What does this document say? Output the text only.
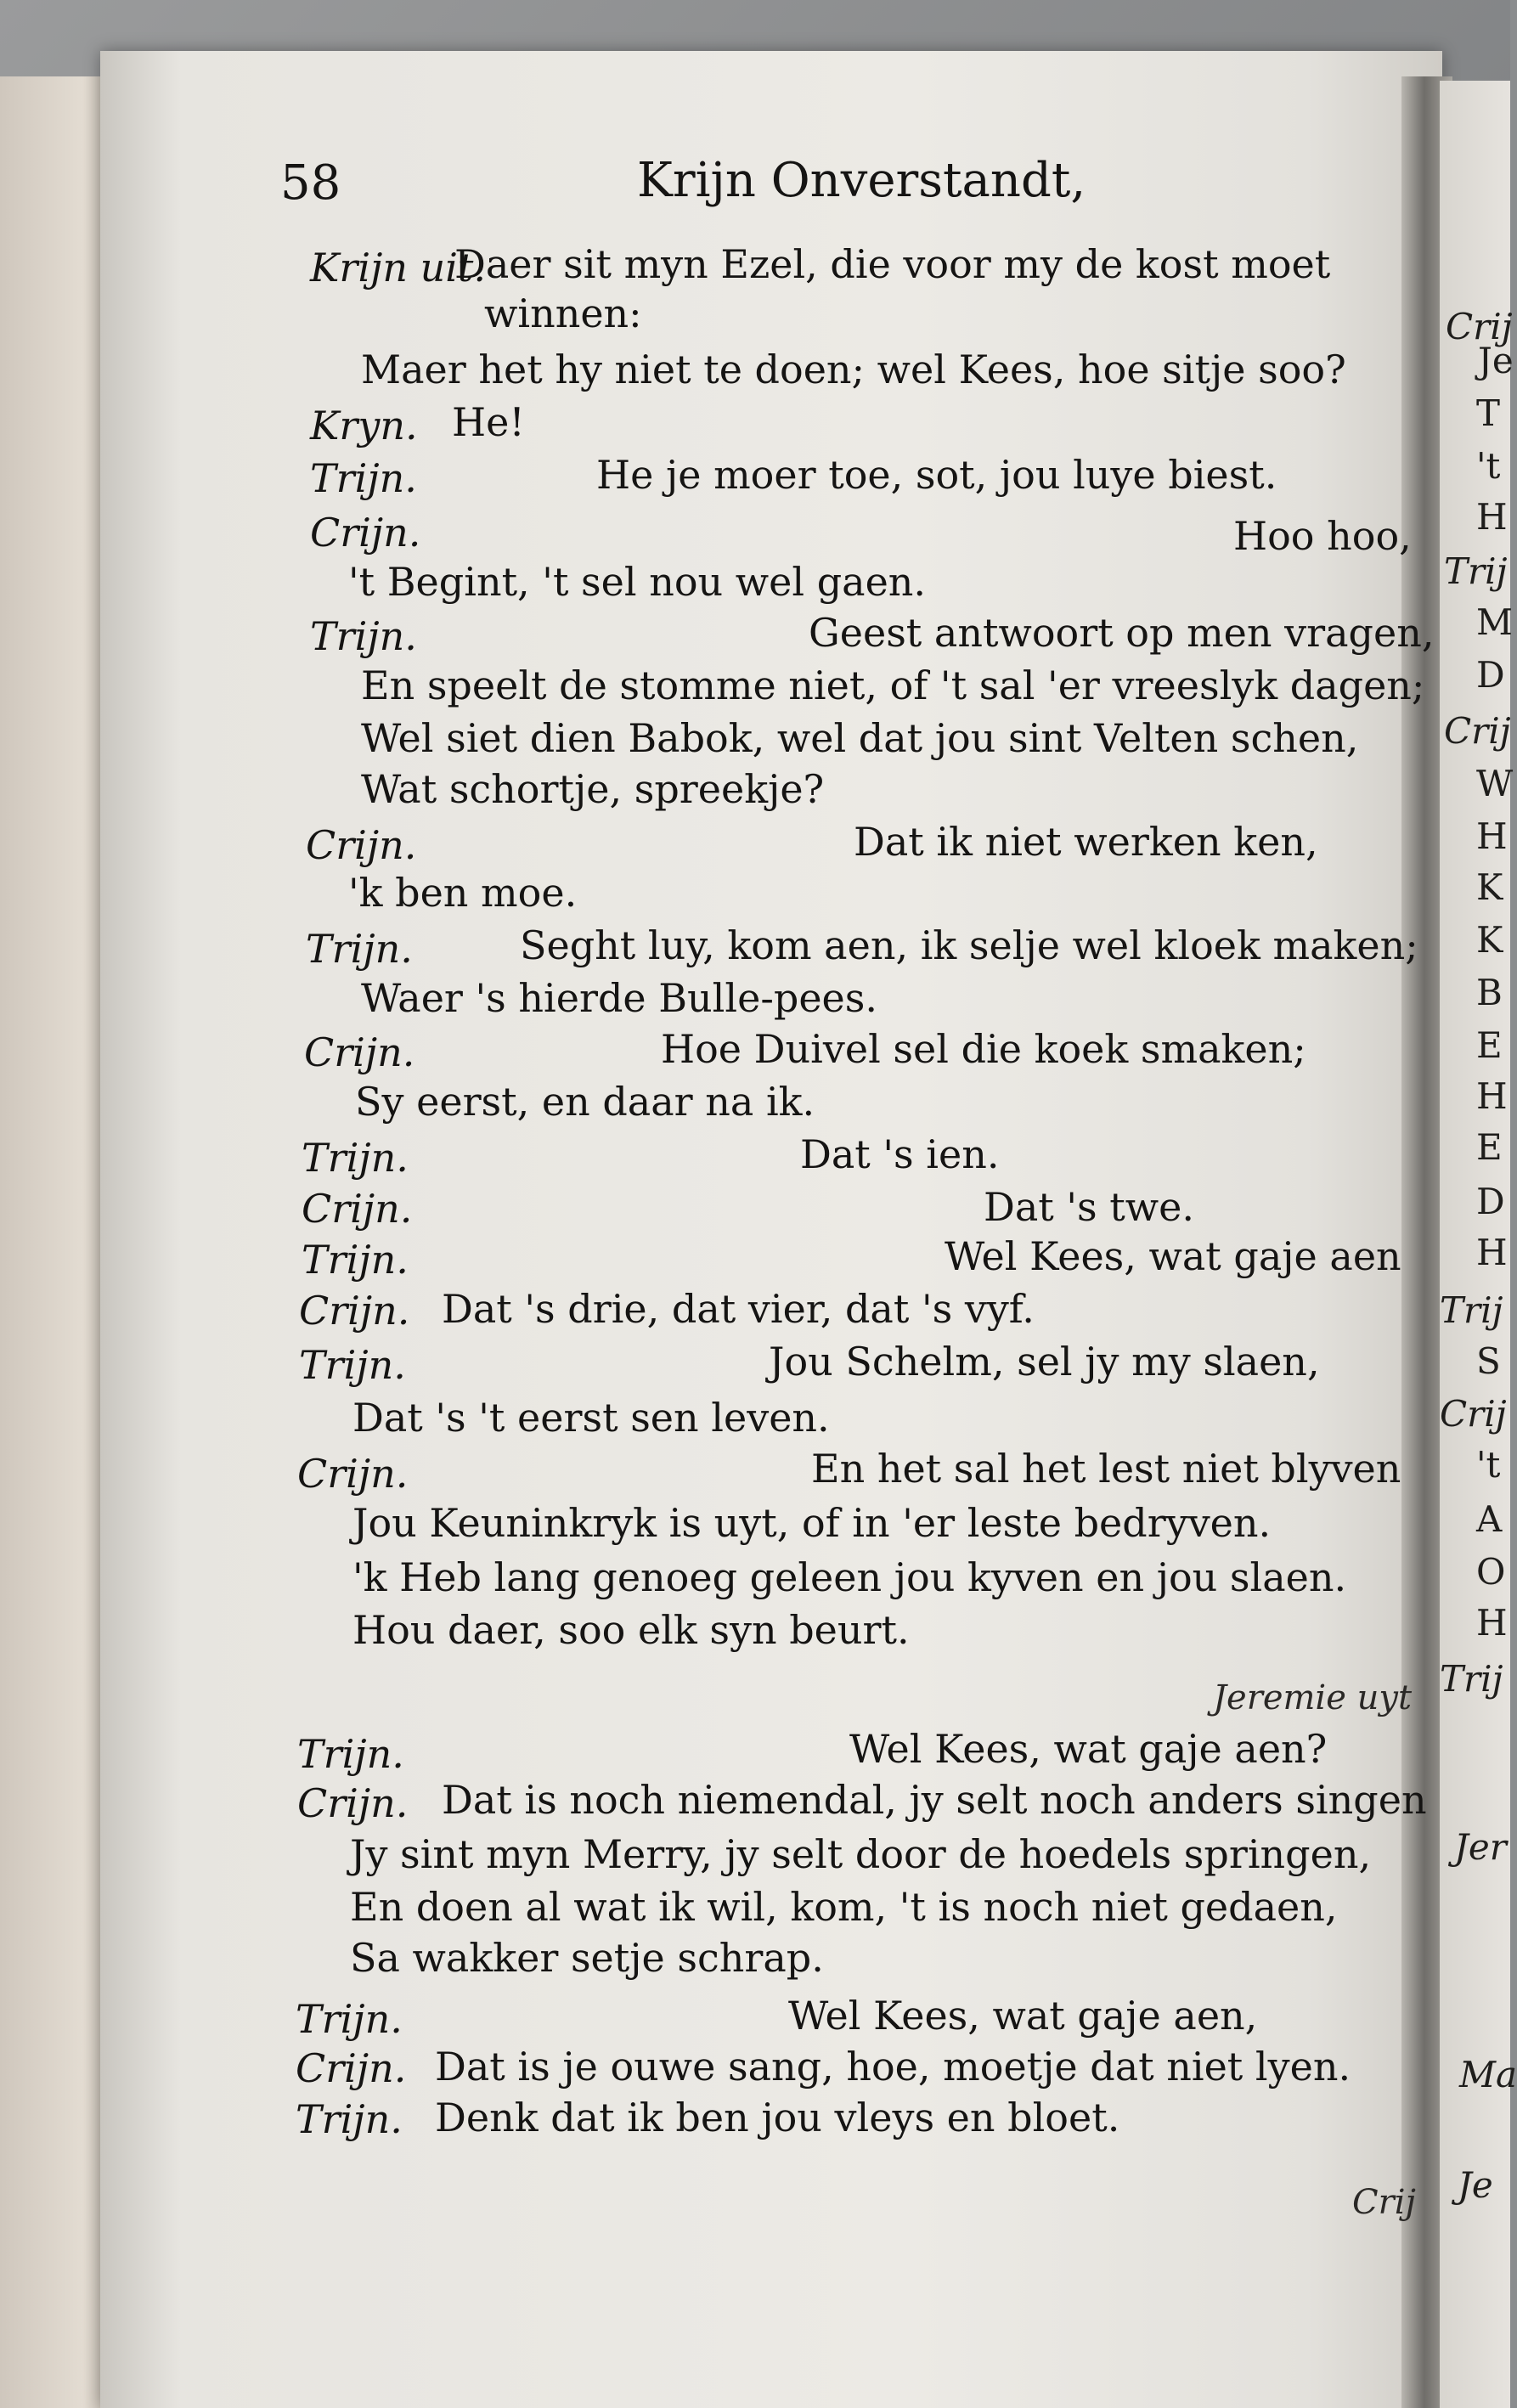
58	Krijn Onverstandt,
Krijn uit.
Daer sit myn Ezel, die voor my de kost moet
winnen:
Maer het hy niet te doen; wel Kees, hoe sitje soo?
Kryn. He!
Trijn.	He je moer toe, sot, jou luye biest.
Crijn.	Hoo hoo,
't Begint, 't sel nou wel gaen.
Trijn.	Geest antwoort op men vragen,
En speelt de stomme niet, of 't sal 'er vreeslyk dagen;
Wel siet dien Babok, wel dat jou sint Velten schen,
Wat schortje, spreekje?
Crijn.	Dat ik niet werken ken,
'k ben moe.
Trijn.	Seght luy, kom aen, ik selje wel kloek maken;
Waer 's hierde Bulle-pees.
Crijn.	Hoe Duivel sel die koek smaken;
Sy eerst, en daar na ik.
Trijn.	Dat 's ien.
Crijn.	Dat 's twe.
Trijn.	Wel Kees, wat gaje aen
Crijn. Dat 's drie, dat vier, dat 's vyf.
Trijn.	Jou Schelm, sel jy my slaen,
Dat 's 't eerst sen leven.
Crijn.	En het sal het lest niet blyven
Jou Keuninkryk is uyt, of in 'er leste bedryven.
'k Heb lang genoeg geleen jou kyven en jou slaen.
Hou daer, soo elk syn beurt.
Jeremie uyt
Trijn.	Wel Kees, wat gaje aen?
Crijn. Dat is noch niemendal, jy selt noch anders singen
Jy sint myn Merry, jy selt door de hoedels springen,
En doen al wat ik wil, kom, 't is noch niet gedaen,
Sa wakker setje schrap.
Trijn.	Wel Kees, wat gaje aen,
Crijn. Dat is je ouwe sang, hoe, moetje dat niet lyen.
Trijn. Denk dat ik ben jou vleys en bloet.
Crij
Crij
Je
T
't
H
Trij
M
D
Crij
W
H
K
K
B
E
H
E
D
H
Trij
S
Crij
't
A
O
H
Trij
Jer
Ma
Je
